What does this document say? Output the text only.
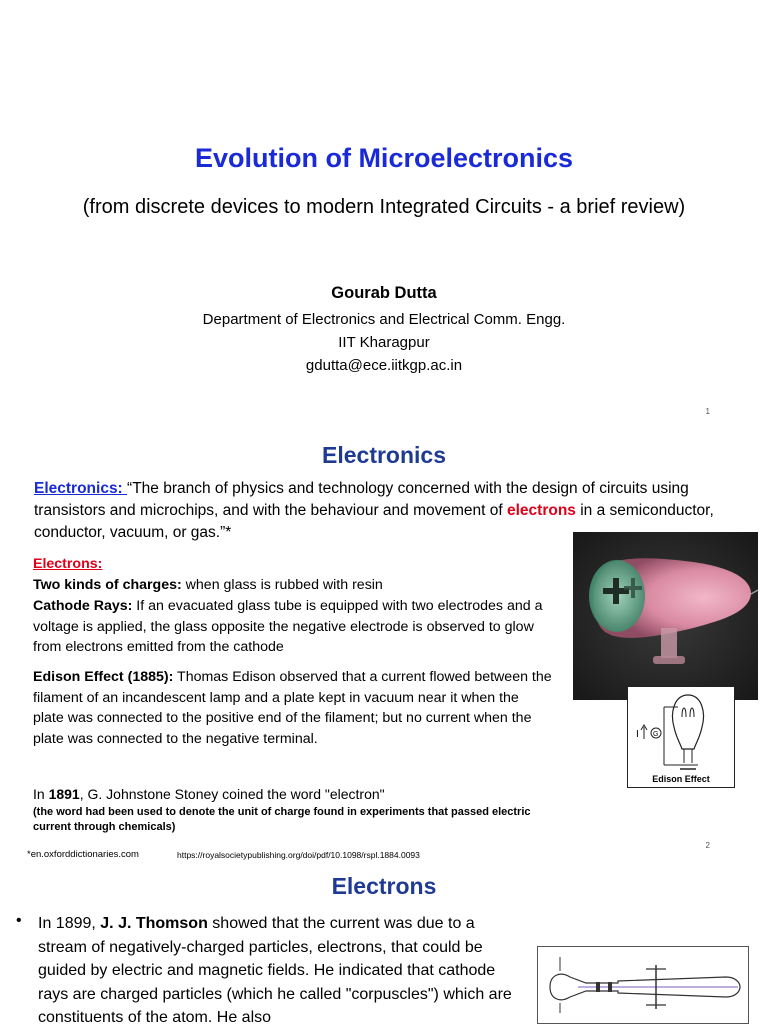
Evolution of Microelectronics
(from discrete devices to modern Integrated Circuits - a brief review)
Gourab Dutta
Department of Electronics and Electrical Comm. Engg.
IIT Kharagpur
gdutta@ece.iitkgp.ac.in
1
Electronics
Electronics: “The branch of physics and technology concerned with the design of circuits using transistors and microchips, and with the behaviour and movement of electrons in a semiconductor, conductor, vacuum, or gas.”*
Electrons:
Two kinds of charges: when glass is rubbed with resin
Cathode Rays: If an evacuated glass tube is equipped with two electrodes and a voltage is applied, the glass opposite the negative electrode is observed to glow from electrons emitted from the cathode
Edison Effect (1885): Thomas Edison observed that a current flowed between the filament of an incandescent lamp and a plate kept in vacuum near it when the plate was connected to the positive end of the filament; but no current when the plate was connected to the negative terminal.
In 1891, G. Johnstone Stoney coined the word "electron"
(the word had been used to denote the unit of charge found in experiments that passed electric current through chemicals)
*en.oxforddictionaries.com	https://royalsocietypublishing.org/doi/pdf/10.1098/rspl.1884.0093
2
G
I
Edison Effect
Electrons
• In 1899, J. J. Thomson showed that the current was due to a stream of negatively-charged particles, electrons, that could be guided by electric and magnetic fields. He indicated that cathode rays are charged particles (which he called "corpuscles") which are constituents of the atom. He also
